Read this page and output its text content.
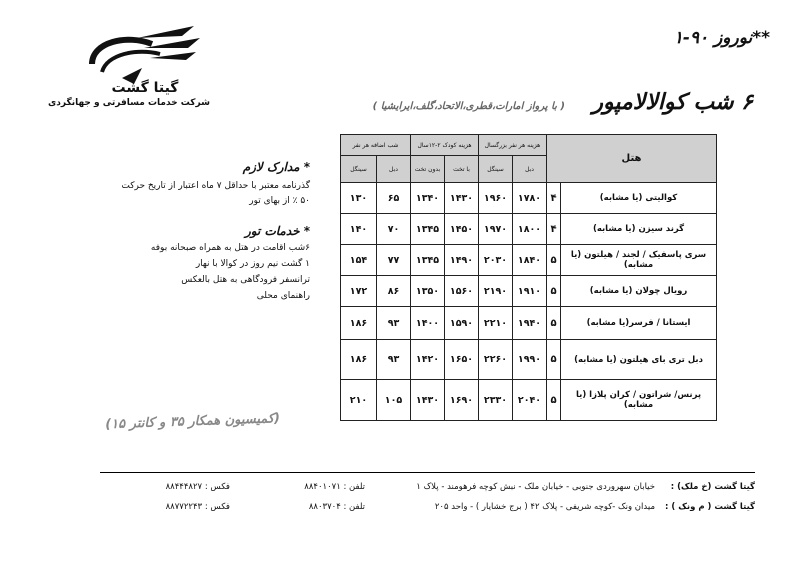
**نوروز ۹۰-۱
گیتا گشت
شرکت خدمات مسافرتی و جهانگردی	۶ شب کوالالامپور
( با پرواز امارات،قطری،الاتحاد،گلف،ایرایشیا )
* مدارک لازم
گذرنامه معتبر با حداقل ۷ ماه اعتبار از تاریخ حرکت
۵۰ ٪ از بهای تور
* خدمات تور
۶شب اقامت در هتل به همراه صبحانه بوفه
۱ گشت نیم روز در کوالا با نهار
ترانسفر فرودگاهی به هتل بالعکس
راهنمای محلی
(کمیسیون همکار ۳۵ و کانتر ۱۵)
هتل		هزینه هر نفر بزرگسال		هزینه کودک ۲-۱۲سال		شب اضافه هر نفر	
		دبل	سینگل	با تخت	بدون تخت	دبل	سینگل
کوالیتی (یا مشابه)	۴	۱۷۸۰	۱۹۶۰	۱۴۳۰	۱۳۴۰	۶۵	۱۳۰
گرند سیزن (یا مشابه)	۴	۱۸۰۰	۱۹۷۰	۱۴۵۰	۱۳۴۵	۷۰	۱۴۰
سری پاسفیک / لجند / هیلتون (یا مشابه)	۵	۱۸۴۰	۲۰۳۰	۱۴۹۰	۱۳۴۵	۷۷	۱۵۴
رویال چولان (یا مشابه)	۵	۱۹۱۰	۲۱۹۰	۱۵۶۰	۱۳۵۰	۸۶	۱۷۲
ایستانا / فرسر(یا مشابه)	۵	۱۹۴۰	۲۲۱۰	۱۵۹۰	۱۴۰۰	۹۳	۱۸۶
دبل تری بای هیلتون (یا مشابه)	۵	۱۹۹۰	۲۲۶۰	۱۶۵۰	۱۴۲۰	۹۳	۱۸۶
پرنس/ شراتون / کران پلازا (یا مشابه)	۵	۲۰۴۰	۲۳۳۰	۱۶۹۰	۱۴۳۰	۱۰۵	۲۱۰
گیتا گشت (خ ملک) :
خیابان سهروردی جنوبی - خیابان ملک - نبش کوچه فرهومند - پلاک ۱
تلفن : ۸۸۴۰۱۰۷۱
فکس : ۸۸۴۴۴۸۲۷
گیتا گشت ( م ونک ) :
میدان ونک -کوچه شریفی - پلاک ۴۲ ( برج خشایار ) - واحد ۲۰۵
تلفن : ۸۸۰۳۷۰۴
فکس : ۸۸۷۷۲۲۴۳
